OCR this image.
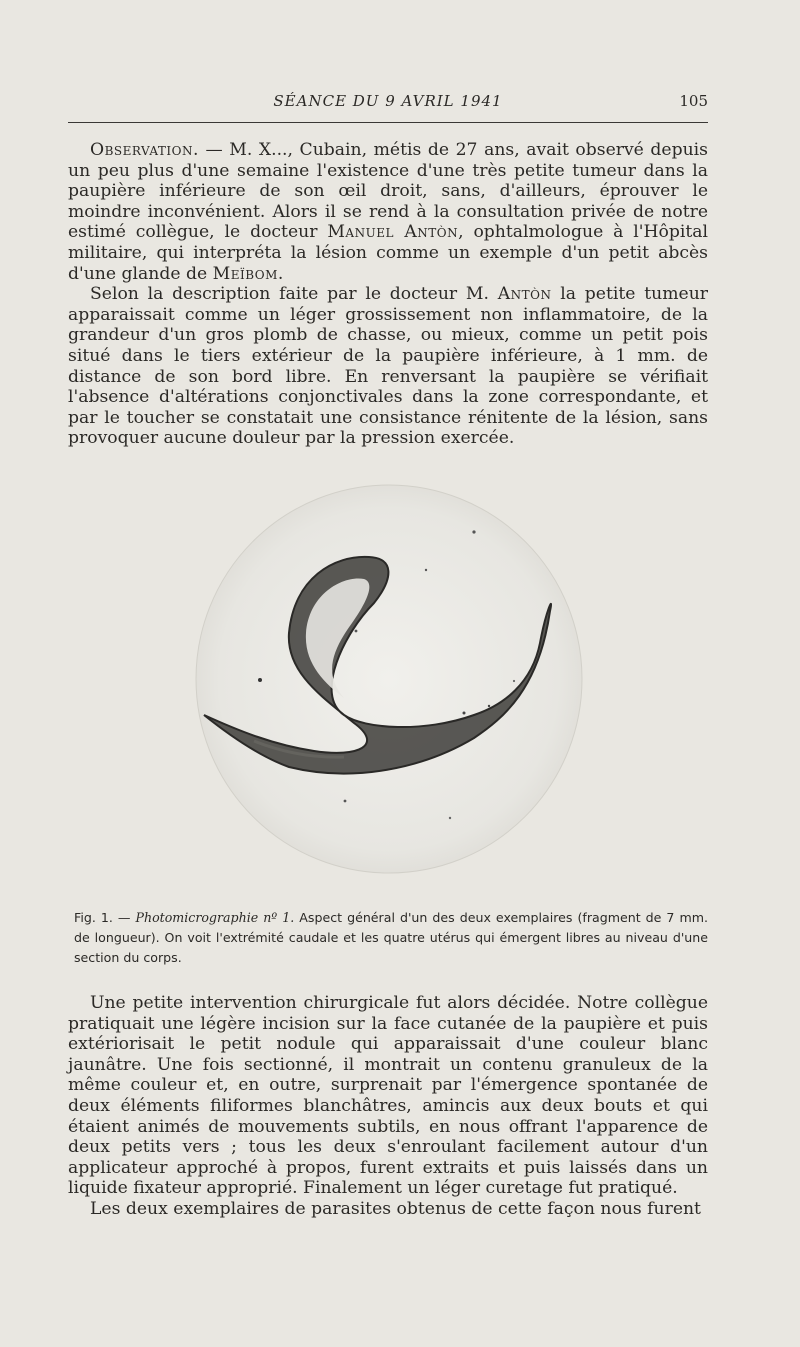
SÉANCE DU 9 AVRIL 1941	105

Observation. — M. X..., Cubain, métis de 27 ans, avait observé depuis un peu plus d'une semaine l'existence d'une très petite tumeur dans la paupière inférieure de son œil droit, sans, d'ailleurs, éprouver le moindre inconvénient. Alors il se rend à la consultation privée de notre estimé collègue, le docteur Manuel Antòn, ophtalmologue à l'Hôpital militaire, qui interpréta la lésion comme un exemple d'un petit abcès d'une glande de Meïbom.

Selon la description faite par le docteur M. Antòn la petite tumeur apparaissait comme un léger grossissement non inflammatoire, de la grandeur d'un gros plomb de chasse, ou mieux, comme un petit pois situé dans le tiers extérieur de la paupière inférieure, à 1 mm. de distance de son bord libre. En renversant la paupière se vérifiait l'absence d'altérations conjonctivales dans la zone correspondante, et par le toucher se constatait une consistance rénitente de la lésion, sans provoquer aucune douleur par la pression exercée.

Fig. 1. — Photomicrographie nº 1. Aspect général d'un des deux exemplaires (fragment de 7 mm. de longueur). On voit l'extrémité caudale et les quatre utérus qui émergent libres au niveau d'une section du corps.

Une petite intervention chirurgicale fut alors décidée. Notre collègue pratiquait une légère incision sur la face cutanée de la paupière et puis extériorisait le petit nodule qui apparaissait d'une couleur blanc jaunâtre. Une fois sectionné, il montrait un contenu granuleux de la même couleur et, en outre, surprenait par l'émergence spontanée de deux éléments filiformes blanchâtres, amincis aux deux bouts et qui étaient animés de mouvements subtils, en nous offrant l'apparence de deux petits vers ; tous les deux s'enroulant facilement autour d'un applicateur approché à propos, furent extraits et puis laissés dans un liquide fixateur approprié. Finalement un léger curetage fut pratiqué.

Les deux exemplaires de parasites obtenus de cette façon nous furent
